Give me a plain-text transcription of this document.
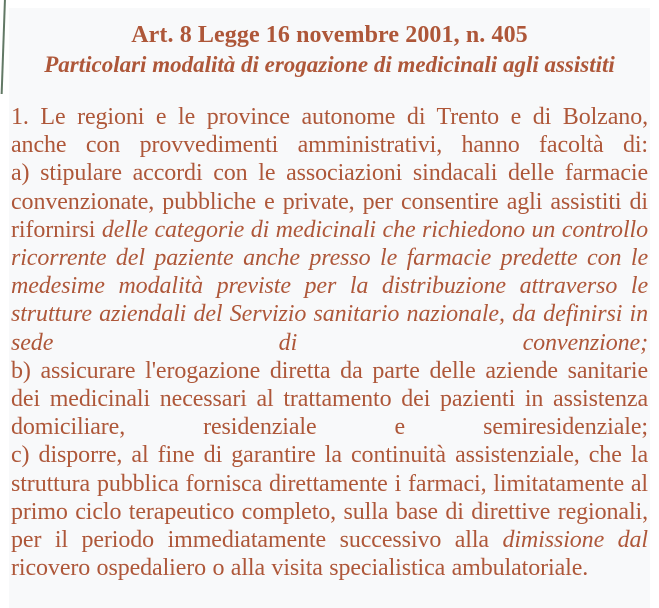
Art. 8 Legge 16 novembre 2001, n. 405
Particolari modalità di erogazione di medicinali agli assistiti
1. Le regioni e le province autonome di Trento e di Bolzano, anche con provvedimenti amministrativi, hanno facoltà di:
a) stipulare accordi con le associazioni sindacali delle farmacie convenzionate, pubbliche e private, per consentire agli assistiti di rifornirsi delle categorie di medicinali che richiedono un controllo ricorrente del paziente anche presso le farmacie predette con le medesime modalità previste per la distribuzione attraverso le strutture aziendali del Servizio sanitario nazionale, da definirsi in sede di convenzione;
b) assicurare l'erogazione diretta da parte delle aziende sanitarie dei medicinali necessari al trattamento dei pazienti in assistenza domiciliare, residenziale e semiresidenziale;
c) disporre, al fine di garantire la continuità assistenziale, che la struttura pubblica fornisca direttamente i farmaci, limitatamente al primo ciclo terapeutico completo, sulla base di direttive regionali, per il periodo immediatamente successivo alla dimissione dal ricovero ospedaliero o alla visita specialistica ambulatoriale.
